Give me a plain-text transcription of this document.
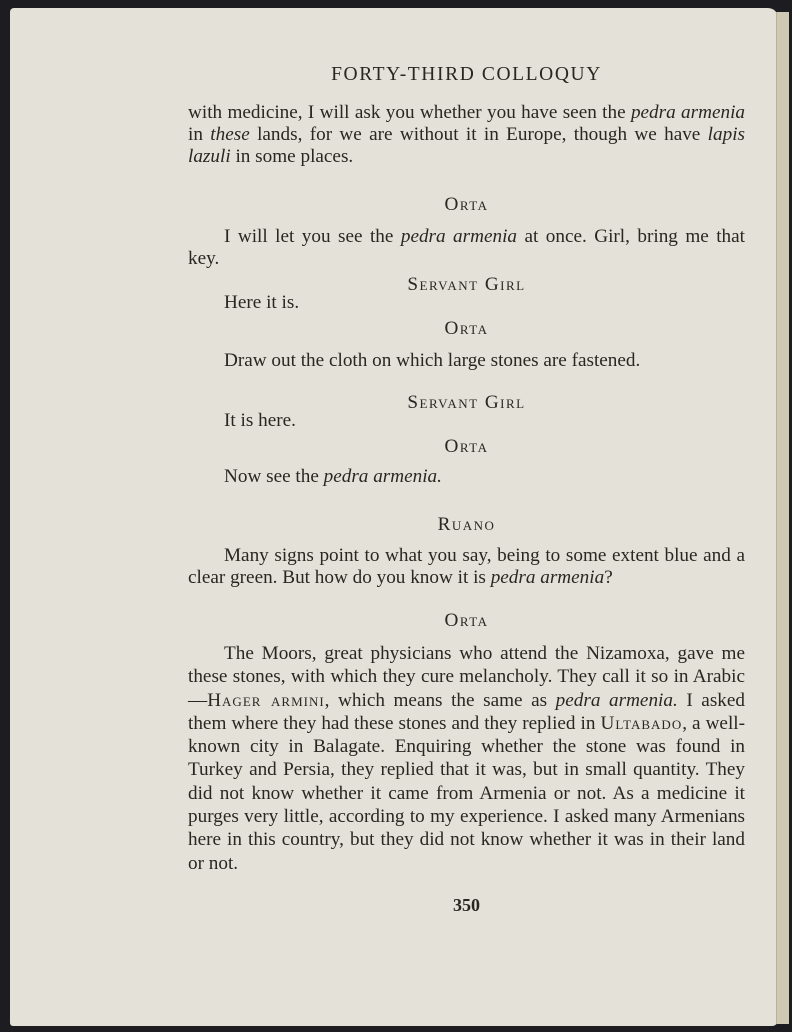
FORTY-THIRD COLLOQUY
with medicine, I will ask you whether you have seen the pedra armenia in these lands, for we are without it in Europe, though we have lapis lazuli in some places.
Orta
I will let you see the pedra armenia at once. Girl, bring me that key.
Servant Girl
Here it is.
Orta
Draw out the cloth on which large stones are fastened.
Servant Girl
It is here.
Orta
Now see the pedra armenia.
Ruano
Many signs point to what you say, being to some extent blue and a clear green. But how do you know it is pedra armenia?
Orta
The Moors, great physicians who attend the Nizamoxa, gave me these stones, with which they cure melancholy. They call it so in Arabic—Hager armini, which means the same as pedra armenia. I asked them where they had these stones and they replied in Ultabado, a well-known city in Balagate. Enquiring whether the stone was found in Turkey and Persia, they replied that it was, but in small quantity. They did not know whether it came from Armenia or not. As a medicine it purges very little, according to my experience. I asked many Armenians here in this country, but they did not know whether it was in their land or not.
350
